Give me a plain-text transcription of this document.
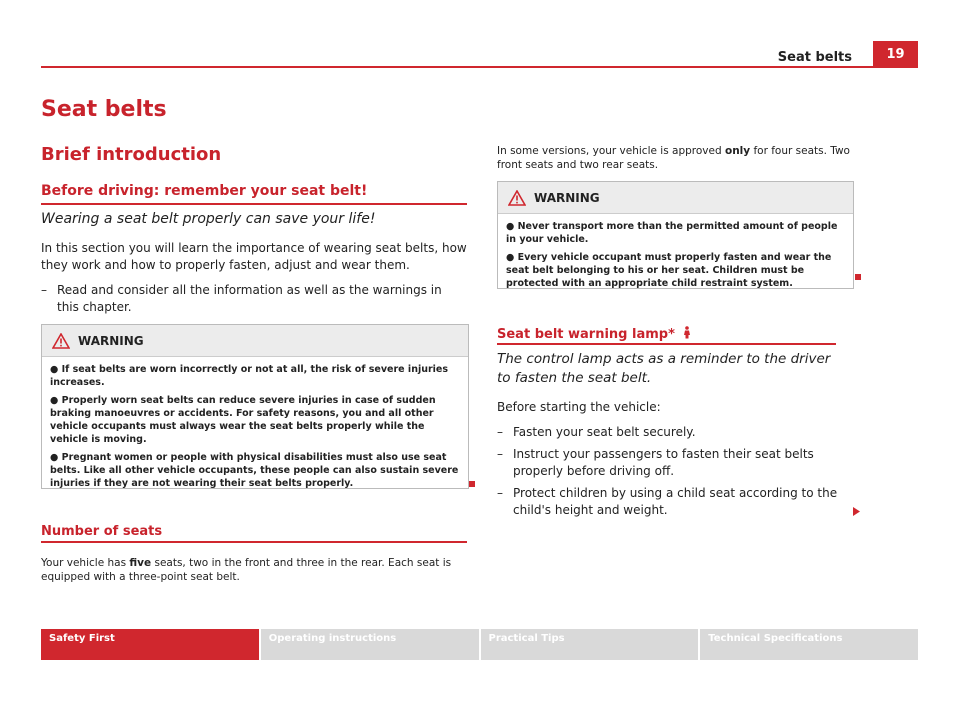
Seat belts	19
Seat belts
Brief introduction
Before driving: remember your seat belt!
Wearing a seat belt properly can save your life!
In this section you will learn the importance of wearing seat belts, how they work and how to properly fasten, adjust and wear them.
– Read and consider all the information as well as the warnings in this chapter.
WARNING
● If seat belts are worn incorrectly or not at all, the risk of severe injuries increases.
● Properly worn seat belts can reduce severe injuries in case of sudden braking manoeuvres or accidents. For safety reasons, you and all other vehicle occupants must always wear the seat belts properly while the vehicle is moving.
● Pregnant women or people with physical disabilities must also use seat belts. Like all other vehicle occupants, these people can also sustain severe injuries if they are not wearing their seat belts properly.
Number of seats
Your vehicle has five seats, two in the front and three in the rear. Each seat is equipped with a three-point seat belt.
In some versions, your vehicle is approved only for four seats. Two front seats and two rear seats.
WARNING
● Never transport more than the permitted amount of people in your vehicle.
● Every vehicle occupant must properly fasten and wear the seat belt belonging to his or her seat. Children must be protected with an appropriate child restraint system.
Seat belt warning lamp*
The control lamp acts as a reminder to the driver to fasten the seat belt.
Before starting the vehicle:
– Fasten your seat belt securely.
– Instruct your passengers to fasten their seat belts properly before driving off.
– Protect children by using a child seat according to the child's height and weight.
Safety First	Operating instructions	Practical Tips	Technical Specifications
